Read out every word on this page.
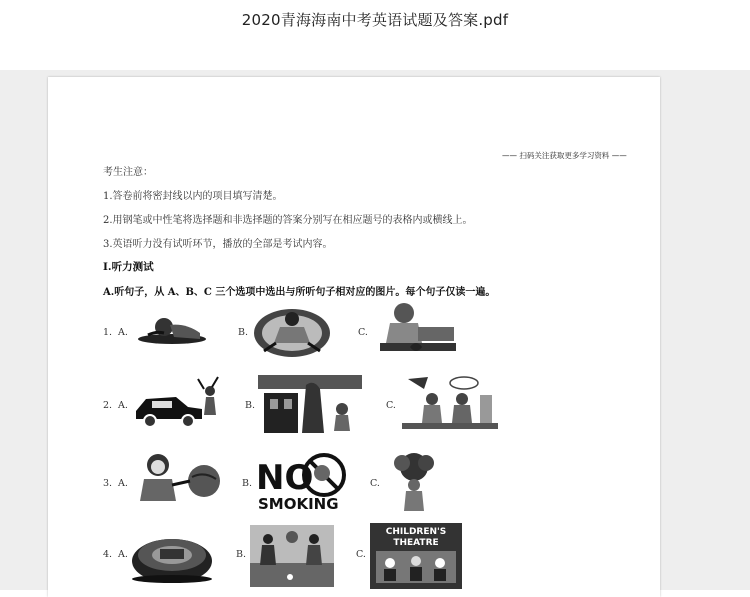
2020青海海南中考英语试题及答案.pdf
—— 扫码关注获取更多学习资料 ——
考生注意：
1.答卷前将密封线以内的项目填写清楚。
2.用钢笔或中性笔将选择题和非选择题的答案分别写在相应题号的表格内或横线上。
3.英语听力没有试听环节，播放的全部是考试内容。
Ⅰ.听力测试
A.听句子，从 A、B、C 三个选项中选出与所听句子相对应的图片。每个句子仅读一遍。
1. A.	B.	C.
2. A.	B.	C.
3. A.	B. NO
SMOKING
C.
4. A.	B.	C.
CHILDREN'S
THEATRE
